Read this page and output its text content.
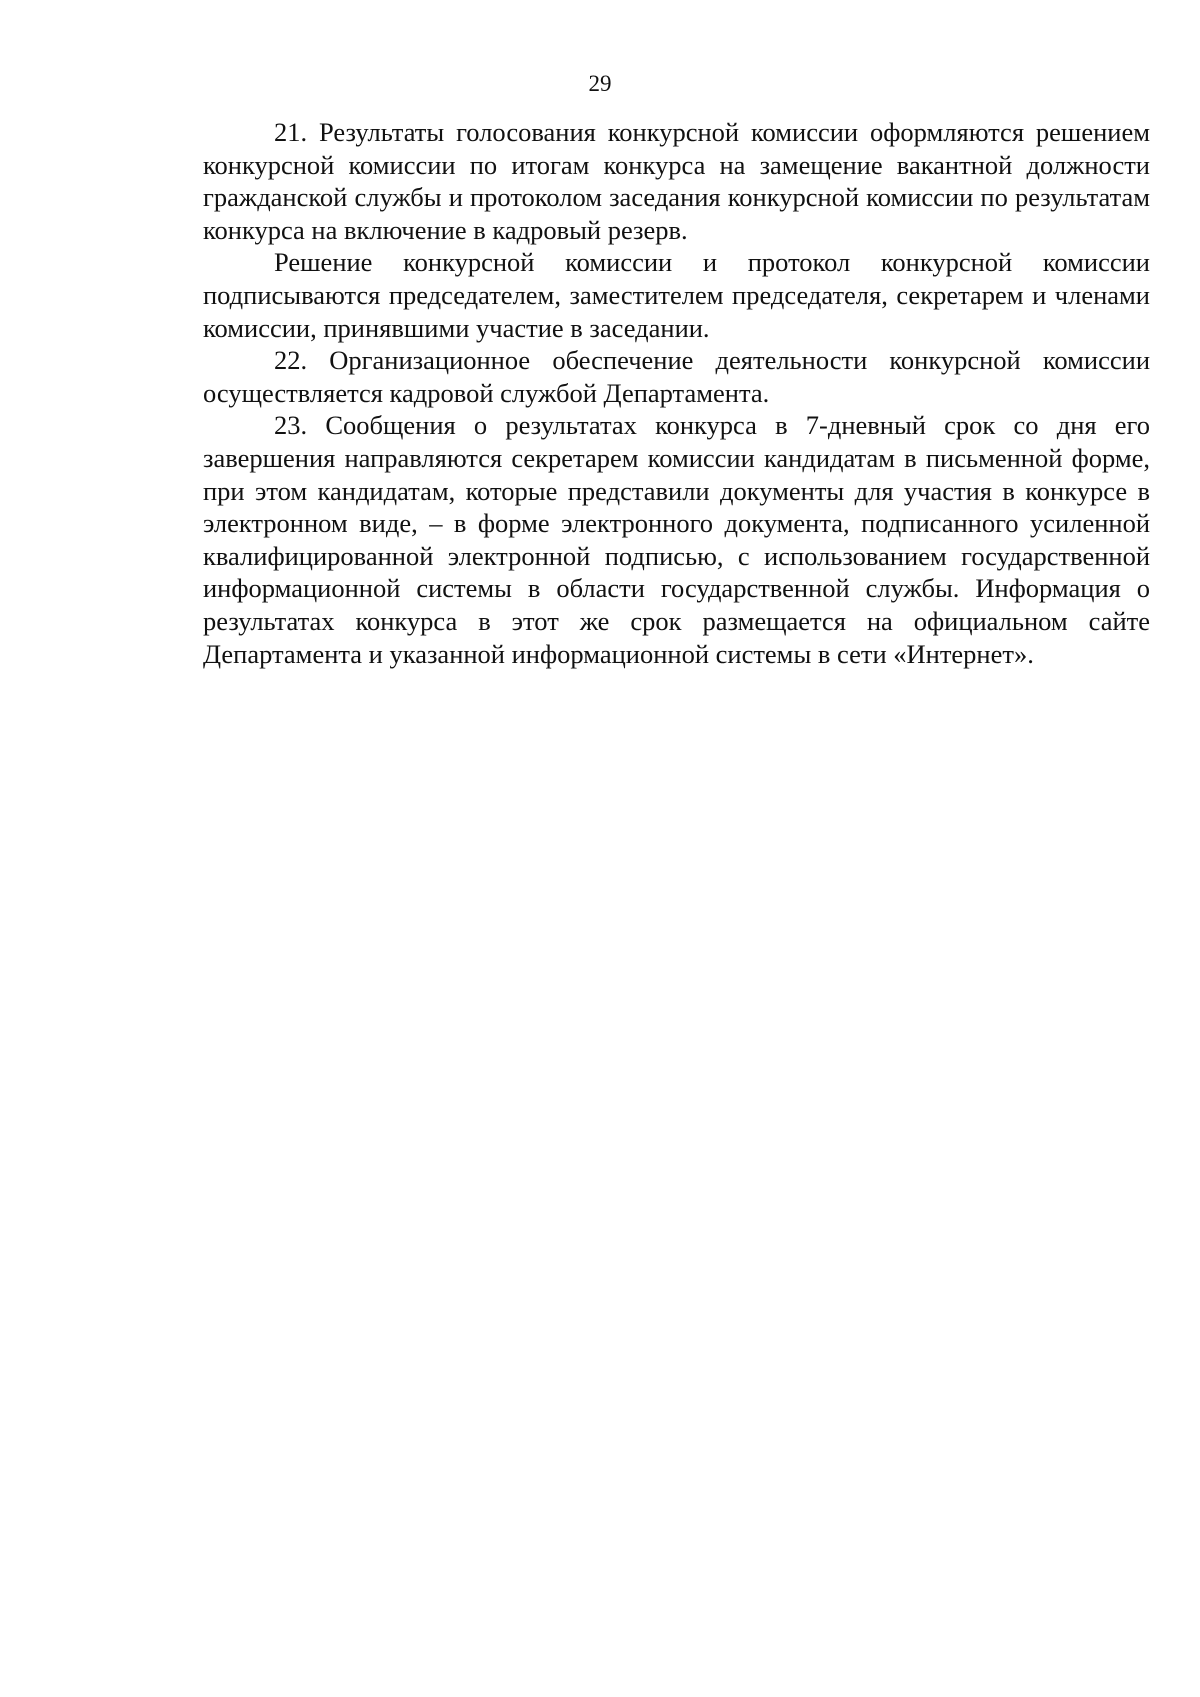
29

21. Результаты голосования конкурсной комиссии оформляются решением конкурсной комиссии по итогам конкурса на замещение вакантной должности гражданской службы и протоколом заседания конкурсной комиссии по результатам конкурса на включение в кадровый резерв.

Решение конкурсной комиссии и протокол конкурсной комиссии подписываются председателем, заместителем председателя, секретарем и членами комиссии, принявшими участие в заседании.

22. Организационное обеспечение деятельности конкурсной комиссии осуществляется кадровой службой Департамента.

23. Сообщения о результатах конкурса в 7-дневный срок со дня его завершения направляются секретарем комиссии кандидатам в письменной форме, при этом кандидатам, которые представили документы для участия в конкурсе в электронном виде, – в форме электронного документа, подписанного усиленной квалифицированной электронной подписью, с использованием государственной информационной системы в области государственной службы. Информация о результатах конкурса в этот же срок размещается на официальном сайте Департамента и указанной информационной системы в сети «Интернет».
